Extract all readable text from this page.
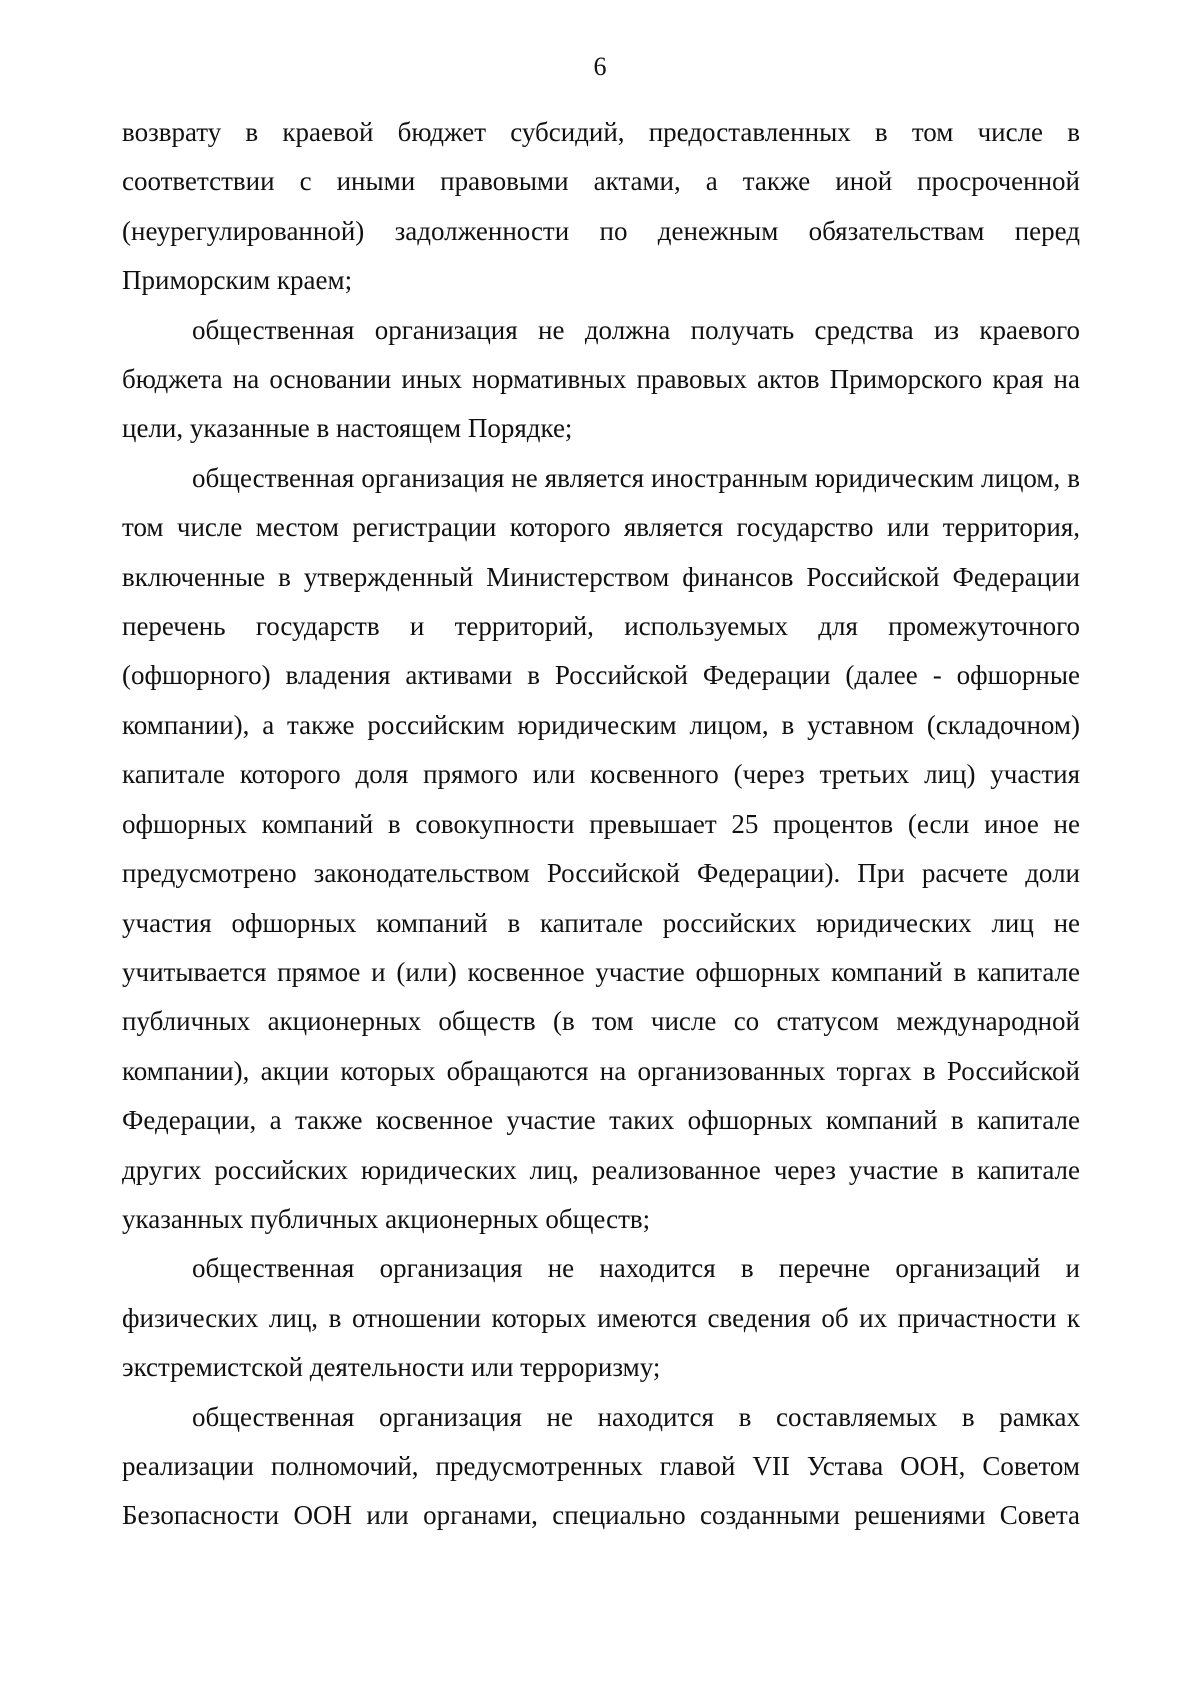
6

возврату в краевой бюджет субсидий, предоставленных в том числе в соответствии с иными правовыми актами, а также иной просроченной (неурегулированной) задолженности по денежным обязательствам перед Приморским краем;

общественная организация не должна получать средства из краевого бюджета на основании иных нормативных правовых актов Приморского края на цели, указанные в настоящем Порядке;

общественная организация не является иностранным юридическим лицом, в том числе местом регистрации которого является государство или территория, включенные в утвержденный Министерством финансов Российской Федерации перечень государств и территорий, используемых для промежуточного (офшорного) владения активами в Российской Федерации (далее - офшорные компании), а также российским юридическим лицом, в уставном (складочном) капитале которого доля прямого или косвенного (через третьих лиц) участия офшорных компаний в совокупности превышает 25 процентов (если иное не предусмотрено законодательством Российской Федерации). При расчете доли участия офшорных компаний в капитале российских юридических лиц не учитывается прямое и (или) косвенное участие офшорных компаний в капитале публичных акционерных обществ (в том числе со статусом международной компании), акции которых обращаются на организованных торгах в Российской Федерации, а также косвенное участие таких офшорных компаний в капитале других российских юридических лиц, реализованное через участие в капитале указанных публичных акционерных обществ;

общественная организация не находится в перечне организаций и физических лиц, в отношении которых имеются сведения об их причастности к экстремистской деятельности или терроризму;

общественная организация не находится в составляемых в рамках реализации полномочий, предусмотренных главой VII Устава ООН, Советом Безопасности ООН или органами, специально созданными решениями Совета
